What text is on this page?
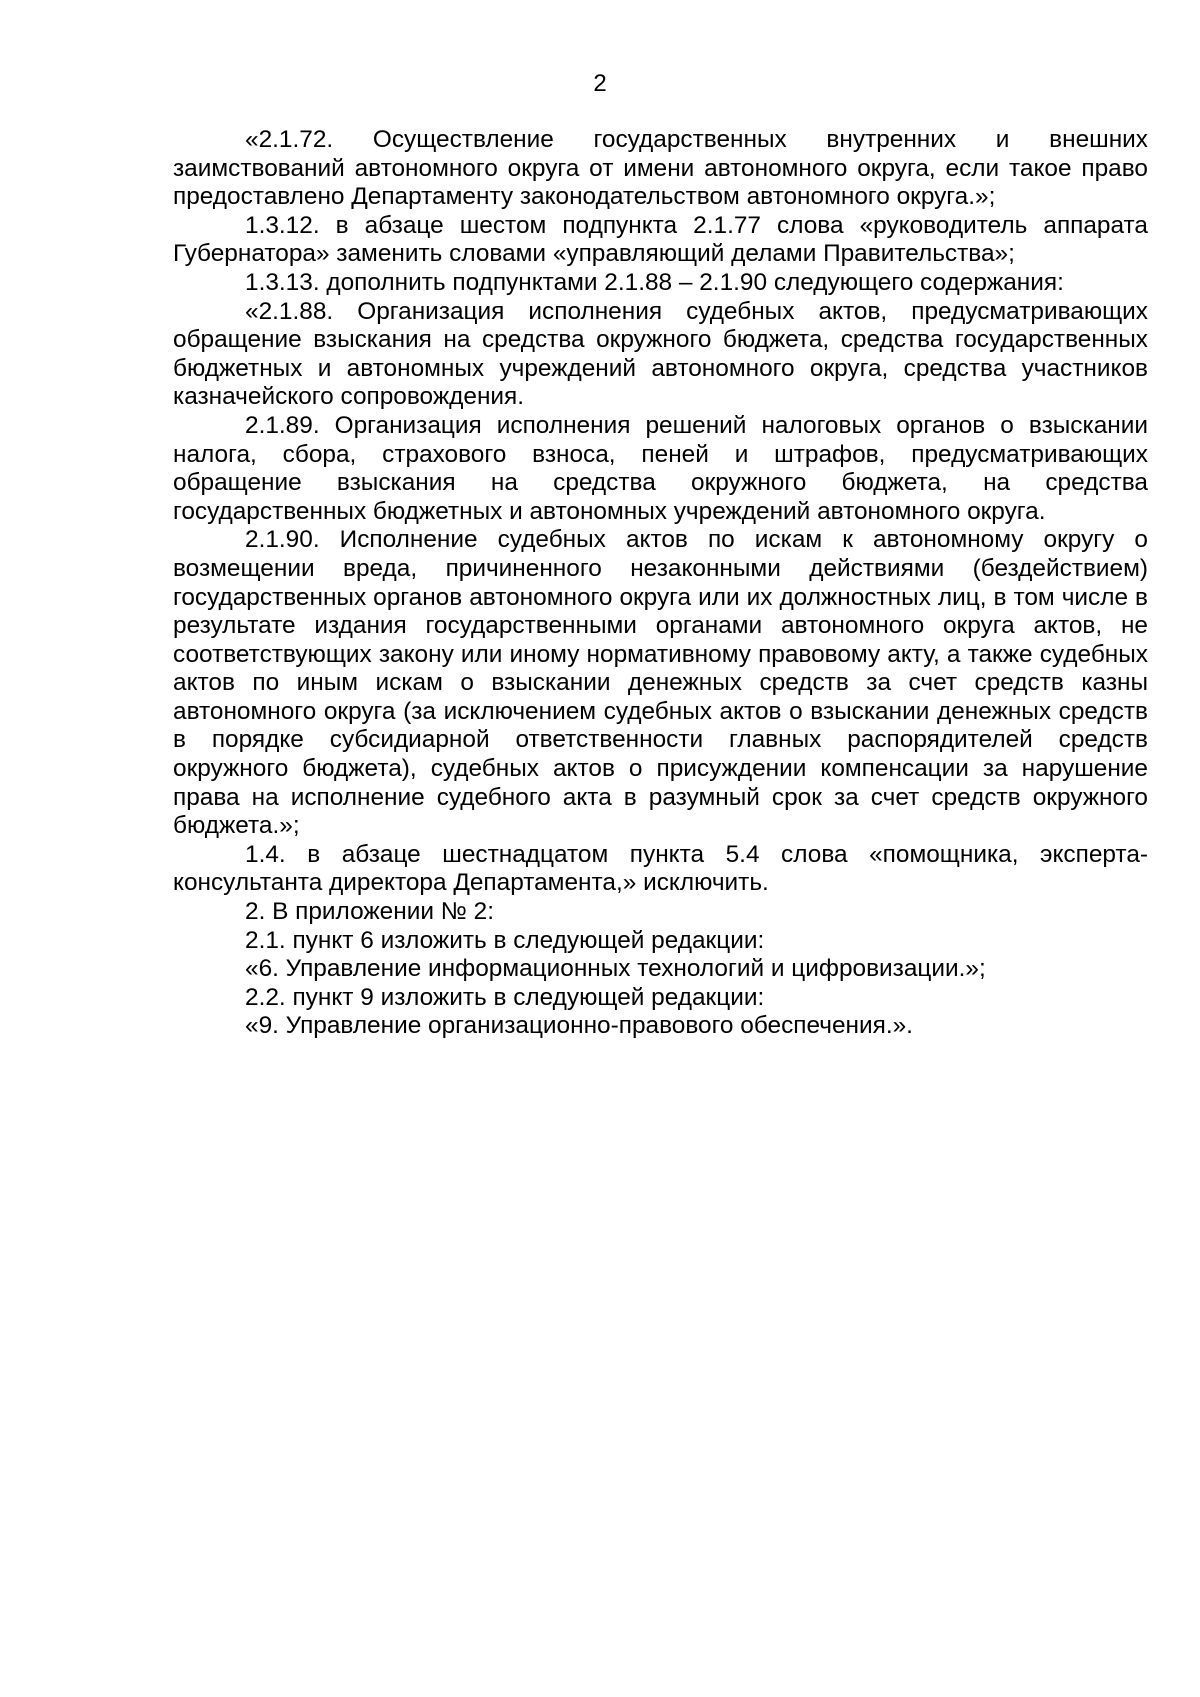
2

«2.1.72. Осуществление государственных внутренних и внешних заимствований автономного округа от имени автономного округа, если такое право предоставлено Департаменту законодательством автономного округа.»;

1.3.12. в абзаце шестом подпункта 2.1.77 слова «руководитель аппарата Губернатора» заменить словами «управляющий делами Правительства»;

1.3.13. дополнить подпунктами 2.1.88 – 2.1.90 следующего содержания:

«2.1.88. Организация исполнения судебных актов, предусматривающих обращение взыскания на средства окружного бюджета, средства государственных бюджетных и автономных учреждений автономного округа, средства участников казначейского сопровождения.

2.1.89. Организация исполнения решений налоговых органов о взыскании налога, сбора, страхового взноса, пеней и штрафов, предусматривающих обращение взыскания на средства окружного бюджета, на средства государственных бюджетных и автономных учреждений автономного округа.

2.1.90. Исполнение судебных актов по искам к автономному округу о возмещении вреда, причиненного незаконными действиями (бездействием) государственных органов автономного округа или их должностных лиц, в том числе в результате издания государственными органами автономного округа актов, не соответствующих закону или иному нормативному правовому акту, а также судебных актов по иным искам о взыскании денежных средств за счет средств казны автономного округа (за исключением судебных актов о взыскании денежных средств в порядке субсидиарной ответственности главных распорядителей средств окружного бюджета), судебных актов о присуждении компенсации за нарушение права на исполнение судебного акта в разумный срок за счет средств окружного бюджета.»;

1.4. в абзаце шестнадцатом пункта 5.4 слова «помощника, эксперта-консультанта директора Департамента,» исключить.

2. В приложении № 2:

2.1. пункт 6 изложить в следующей редакции:

«6. Управление информационных технологий и цифровизации.»;

2.2. пункт 9 изложить в следующей редакции:

«9. Управление организационно-правового обеспечения.».
